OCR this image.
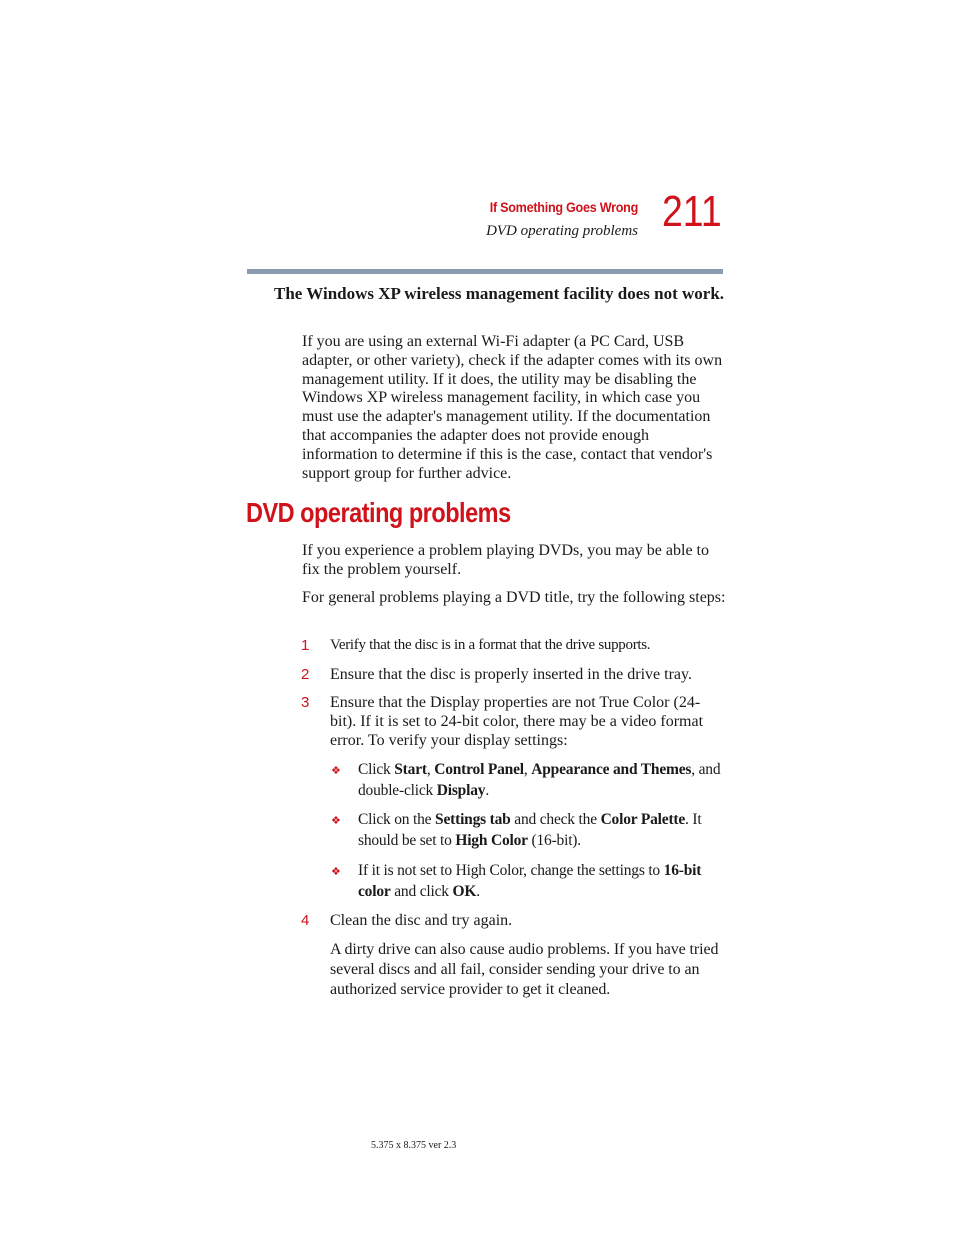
If Something Goes Wrong
DVD operating problems 211
The Windows XP wireless management facility does not work.
If you are using an external Wi-Fi adapter (a PC Card, USB adapter, or other variety), check if the adapter comes with its own management utility. If it does, the utility may be disabling the Windows XP wireless management facility, in which case you must use the adapter's management utility. If the documentation that accompanies the adapter does not provide enough information to determine if this is the case, contact that vendor's support group for further advice.
DVD operating problems
If you experience a problem playing DVDs, you may be able to fix the problem yourself.
For general problems playing a DVD title, try the following steps:
1 Verify that the disc is in a format that the drive supports.
2 Ensure that the disc is properly inserted in the drive tray.
3 Ensure that the Display properties are not True Color (24-bit). If it is set to 24-bit color, there may be a video format error. To verify your display settings:
❖ Click Start, Control Panel, Appearance and Themes, and double-click Display.
❖ Click on the Settings tab and check the Color Palette. It should be set to High Color (16-bit).
❖ If it is not set to High Color, change the settings to 16-bit color and click OK.
4 Clean the disc and try again.
A dirty drive can also cause audio problems. If you have tried several discs and all fail, consider sending your drive to an authorized service provider to get it cleaned.
5.375 x 8.375 ver 2.3
